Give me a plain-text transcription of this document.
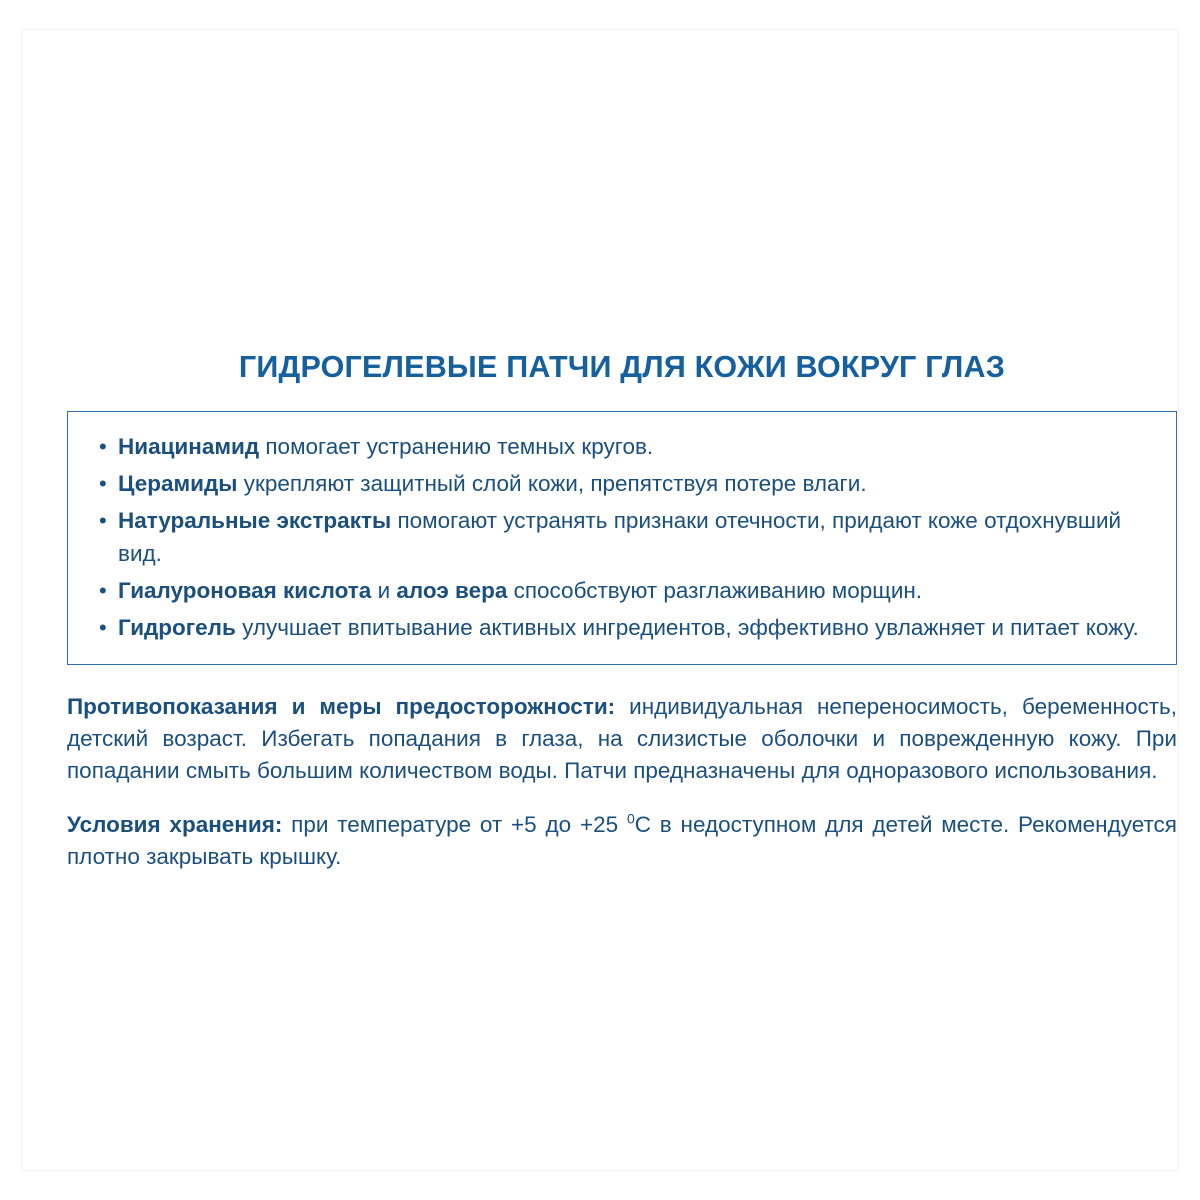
ГИДРОГЕЛЕВЫЕ ПАТЧИ ДЛЯ КОЖИ ВОКРУГ ГЛАЗ
• Ниацинамид помогает устранению темных кругов.
• Церамиды укрепляют защитный слой кожи, препятствуя потере влаги.
• Натуральные экстракты помогают устранять признаки отечности, придают коже отдохнувший вид.
• Гиалуроновая кислота и алоэ вера способствуют разглаживанию морщин.
• Гидрогель улучшает впитывание активных ингредиентов, эффективно увлажняет и питает кожу.

Противопоказания и меры предосторожности: индивидуальная непереносимость, беременность, детский возраст. Избегать попадания в глаза, на слизистые оболочки и поврежденную кожу. При попадании смыть большим количеством воды. Патчи предназначены для одноразового использования.

Условия хранения: при температуре от +5 до +25 $^0$C в недоступном для детей месте. Рекомендуется плотно закрывать крышку.
